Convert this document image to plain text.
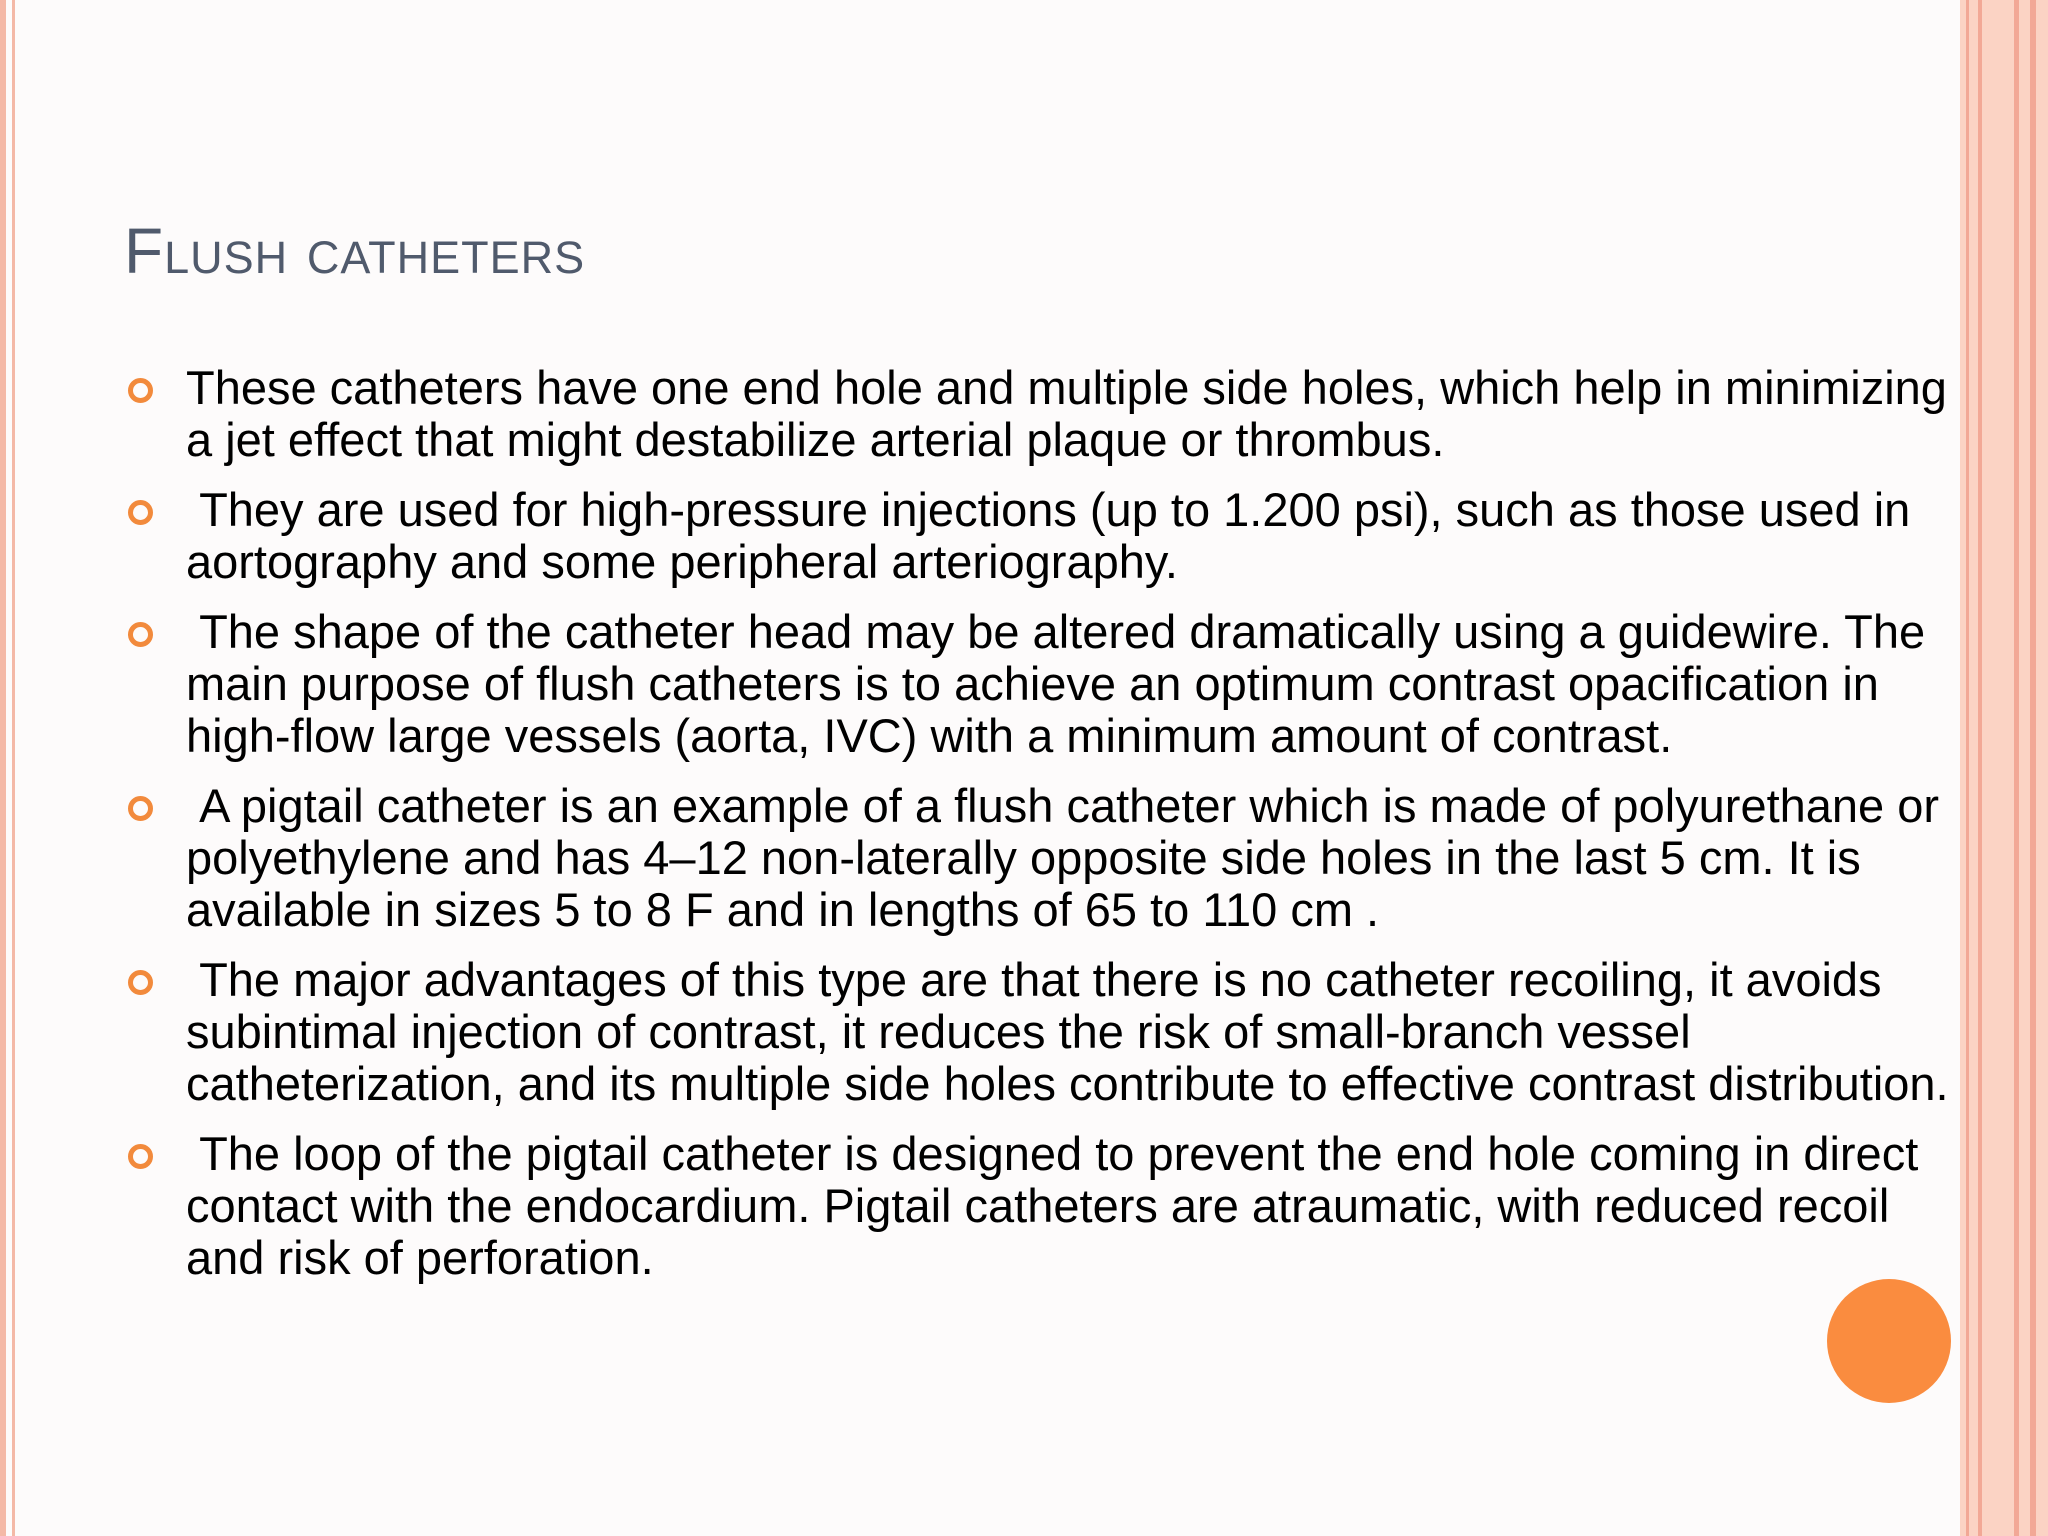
Flush catheters
These catheters have one end hole and multiple side holes, which help in minimizing a jet effect that might destabilize arterial plaque or thrombus.
They are used for high-pressure injections (up to 1.200 psi), such as those used in aortography and some peripheral arteriography.
The shape of the catheter head may be altered dramatically using a guidewire. The main purpose of flush catheters is to achieve an optimum contrast opacification in high-flow large vessels (aorta, IVC) with a minimum amount of contrast.
A pigtail catheter is an example of a flush catheter which is made of polyurethane or polyethylene and has 4–12 non-laterally opposite side holes in the last 5 cm. It is available in sizes 5 to 8 F and in lengths of 65 to 110 cm .
The major advantages of this type are that there is no catheter recoiling, it avoids subintimal injection of contrast, it reduces the risk of small-branch vessel catheterization, and its multiple side holes contribute to effective contrast distribution.
The loop of the pigtail catheter is designed to prevent the end hole coming in direct contact with the endocardium. Pigtail catheters are atraumatic, with reduced recoil and risk of perforation.
